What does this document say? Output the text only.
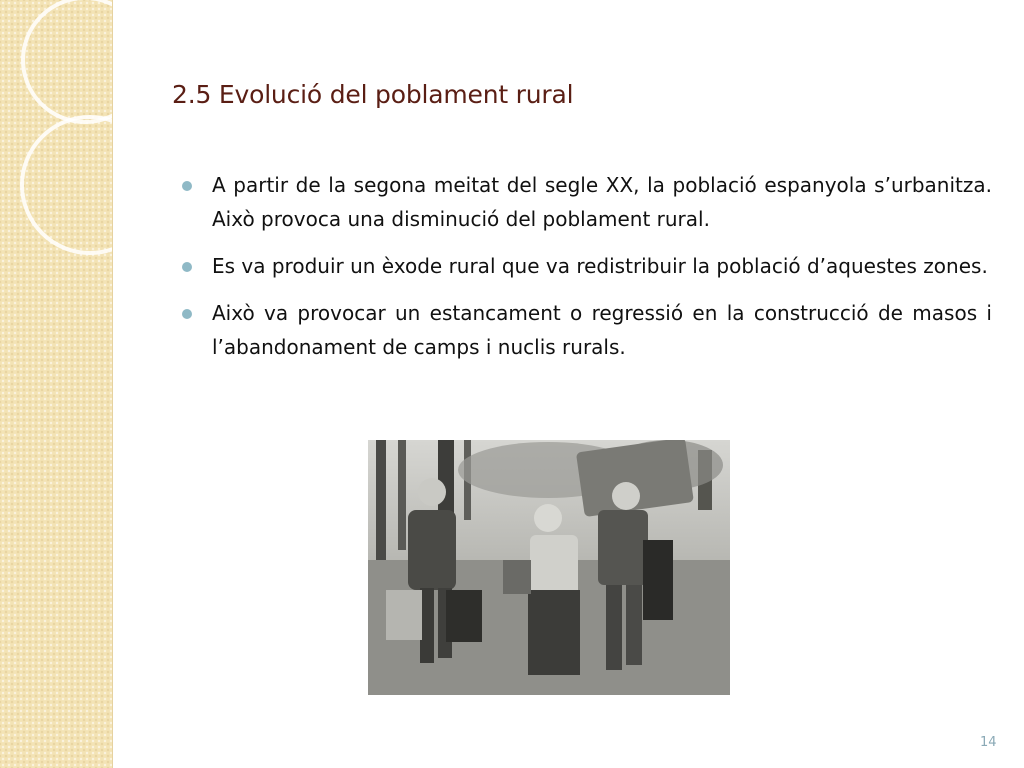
2.5 Evolució del poblament rural
A partir de la segona meitat del segle XX, la població espanyola s’urbanitza. Això provoca una disminució del poblament rural.
Es va produir un èxode rural que va redistribuir la població d’aquestes zones.
Això va provocar un estancament o regressió en la construcció de masos i l’abandonament de camps i nuclis rurals.
14
